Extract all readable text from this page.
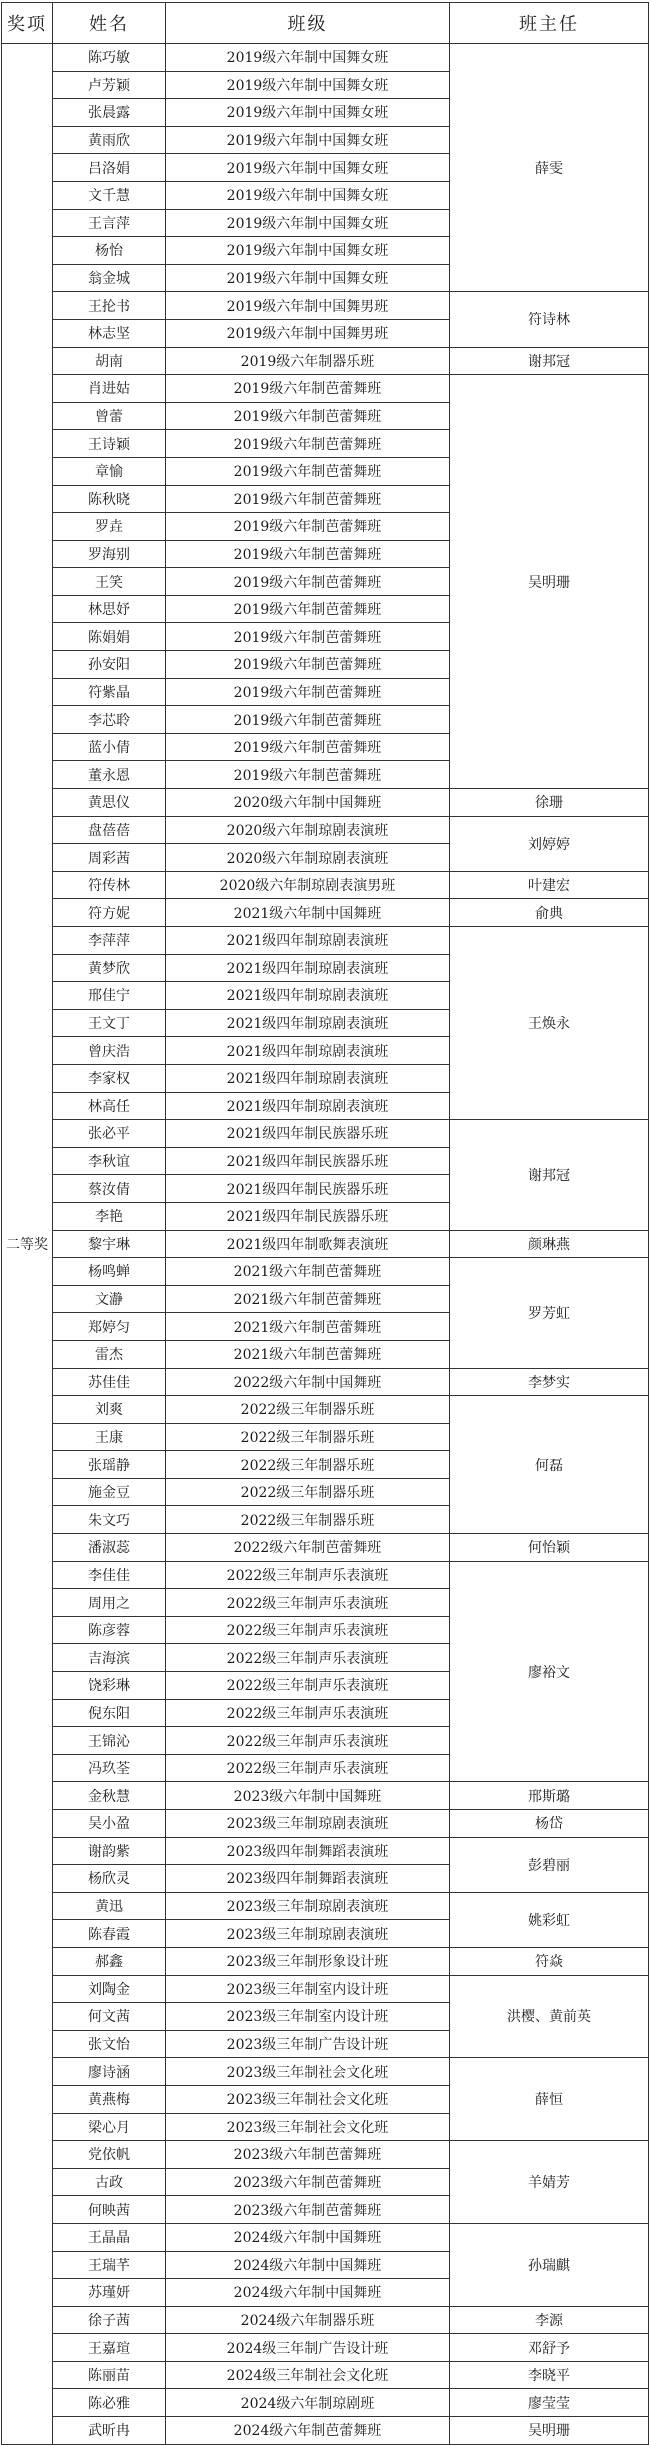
奖项	姓名	班级	班主任
二等奖	陈巧敏	2019级六年制中国舞女班	薛雯
	卢芳颖	2019级六年制中国舞女班	
	张晨露	2019级六年制中国舞女班	
	黄雨欣	2019级六年制中国舞女班	
	吕洛娟	2019级六年制中国舞女班	
	文千慧	2019级六年制中国舞女班	
	王言萍	2019级六年制中国舞女班	
	杨怡	2019级六年制中国舞女班	
	翁金城	2019级六年制中国舞女班	
	王抡书	2019级六年制中国舞男班	符诗林
	林志坚	2019级六年制中国舞男班	
	胡南	2019级六年制器乐班	谢邦冠
	肖进姑	2019级六年制芭蕾舞班	吴明珊
	曾蕾	2019级六年制芭蕾舞班	
	王诗颖	2019级六年制芭蕾舞班	
	章愉	2019级六年制芭蕾舞班	
	陈秋晓	2019级六年制芭蕾舞班	
	罗垚	2019级六年制芭蕾舞班	
	罗海别	2019级六年制芭蕾舞班	
	王笑	2019级六年制芭蕾舞班	
	林思妤	2019级六年制芭蕾舞班	
	陈娟娟	2019级六年制芭蕾舞班	
	孙安阳	2019级六年制芭蕾舞班	
	符紫晶	2019级六年制芭蕾舞班	
	李芯聆	2019级六年制芭蕾舞班	
	蓝小倩	2019级六年制芭蕾舞班	
	董永恩	2019级六年制芭蕾舞班	
	黄思仪	2020级六年制中国舞班	徐珊
	盘蓓蓓	2020级六年制琼剧表演班	刘婷婷
	周彩茜	2020级六年制琼剧表演班	
	符传林	2020级六年制琼剧表演男班	叶建宏
	符方妮	2021级六年制中国舞班	俞典
	李萍萍	2021级四年制琼剧表演班	王焕永
	黄梦欣	2021级四年制琼剧表演班	
	邢佳宁	2021级四年制琼剧表演班	
	王文丁	2021级四年制琼剧表演班	
	曾庆浩	2021级四年制琼剧表演班	
	李家权	2021级四年制琼剧表演班	
	林高任	2021级四年制琼剧表演班	
	张必平	2021级四年制民族器乐班	谢邦冠
	李秋谊	2021级四年制民族器乐班	
	蔡汝倩	2021级四年制民族器乐班	
	李艳	2021级四年制民族器乐班	
	黎宇琳	2021级四年制歌舞表演班	颜琳燕
	杨鸣蝉	2021级六年制芭蕾舞班	罗芳虹
	文瀞	2021级六年制芭蕾舞班	
	郑婷匀	2021级六年制芭蕾舞班	
	雷杰	2021级六年制芭蕾舞班	
	苏佳佳	2022级六年制中国舞班	李梦实
	刘爽	2022级三年制器乐班	何磊
	王康	2022级三年制器乐班	
	张瑶静	2022级三年制器乐班	
	施金豆	2022级三年制器乐班	
	朱文巧	2022级三年制器乐班	
	潘淑蕊	2022级六年制芭蕾舞班	何怡颖
	李佳佳	2022级三年制声乐表演班	廖裕文
	周用之	2022级三年制声乐表演班	
	陈彦蓉	2022级三年制声乐表演班	
	吉海滨	2022级三年制声乐表演班	
	饶彩琳	2022级三年制声乐表演班	
	倪东阳	2022级三年制声乐表演班	
	王锦沁	2022级三年制声乐表演班	
	冯玖荃	2022级三年制声乐表演班	
	金秋慧	2023级六年制中国舞班	邢斯璐
	吴小盈	2023级三年制琼剧表演班	杨岱
	谢韵紫	2023级四年制舞蹈表演班	彭碧丽
	杨欣灵	2023级四年制舞蹈表演班	
	黄迅	2023级三年制琼剧表演班	姚彩虹
	陈春霞	2023级三年制琼剧表演班	
	郝鑫	2023级三年制形象设计班	符焱
	刘陶金	2023级三年制室内设计班	洪樱、黄前英
	何文茜	2023级三年制室内设计班	
	张文怡	2023级三年制广告设计班	
	廖诗涵	2023级三年制社会文化班	薛恒
	黄燕梅	2023级三年制社会文化班	
	梁心月	2023级三年制社会文化班	
	党依帆	2023级六年制芭蕾舞班	羊婧芳
	古政	2023级六年制芭蕾舞班	
	何映茜	2023级六年制芭蕾舞班	
	王晶晶	2024级六年制中国舞班	孙瑞麒
	王瑞芊	2024级六年制中国舞班	
	苏瑾妍	2024级六年制中国舞班	
	徐子茜	2024级六年制器乐班	李源
	王嘉瑄	2024级三年制广告设计班	邓舒予
	陈丽苗	2024级三年制社会文化班	李晓平
	陈必雅	2024级六年制琼剧班	廖莹莹
	武昕冉	2024级六年制芭蕾舞班	吴明珊
